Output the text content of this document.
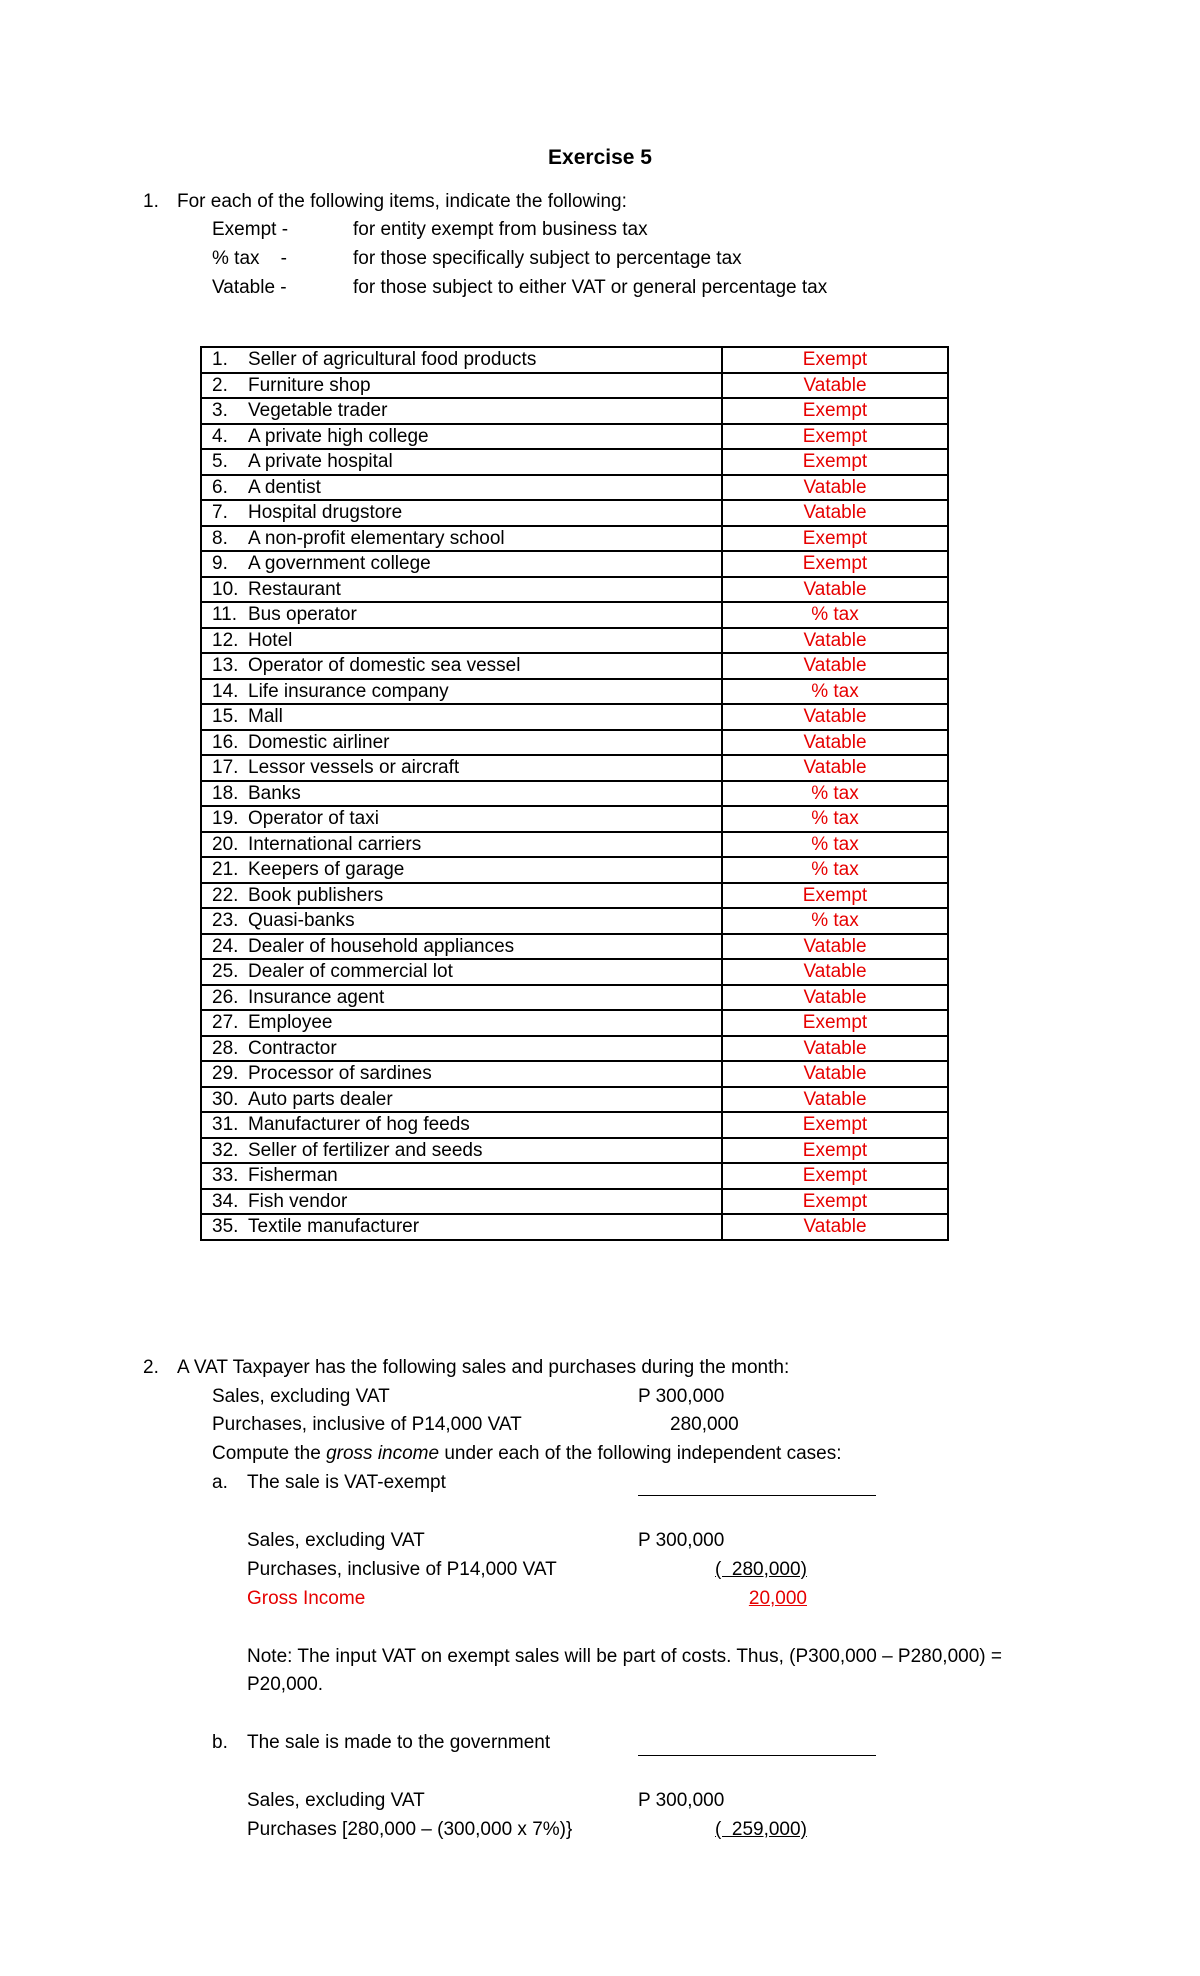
Exercise 5
1. For each of the following items, indicate the following:
Exempt -	for entity exempt from business tax
% tax    -	for those specifically subject to percentage tax
Vatable -	for those subject to either VAT or general percentage tax
1. Seller of agricultural food products	Exempt
2. Furniture shop	Vatable
3. Vegetable trader	Exempt
4. A private high college	Exempt
5. A private hospital	Exempt
6. A dentist	Vatable
7. Hospital drugstore	Vatable
8. A non-profit elementary school	Exempt
9. A government college	Exempt
10. Restaurant	Vatable
11. Bus operator	% tax
12. Hotel	Vatable
13. Operator of domestic sea vessel	Vatable
14. Life insurance company	% tax
15. Mall	Vatable
16. Domestic airliner	Vatable
17. Lessor vessels or aircraft	Vatable
18. Banks	% tax
19. Operator of taxi	% tax
20. International carriers	% tax
21. Keepers of garage	% tax
22. Book publishers	Exempt
23. Quasi-banks	% tax
24. Dealer of household appliances	Vatable
25. Dealer of commercial lot	Vatable
26. Insurance agent	Vatable
27. Employee	Exempt
28. Contractor	Vatable
29. Processor of sardines	Vatable
30. Auto parts dealer	Vatable
31. Manufacturer of hog feeds	Exempt
32. Seller of fertilizer and seeds	Exempt
33. Fisherman	Exempt
34. Fish vendor	Exempt
35. Textile manufacturer	Vatable
2. A VAT Taxpayer has the following sales and purchases during the month:
Sales, excluding VAT	P 300,000
Purchases, inclusive of P14,000 VAT	280,000
Compute the gross income under each of the following independent cases:
a. The sale is VAT-exempt
Sales, excluding VAT	P 300,000
Purchases, inclusive of P14,000 VAT	(  280,000)
Gross Income	20,000
Note: The input VAT on exempt sales will be part of costs. Thus, (P300,000 – P280,000) =
P20,000.
b. The sale is made to the government
Sales, excluding VAT	P 300,000
Purchases [280,000 – (300,000 x 7%)}	(  259,000)
